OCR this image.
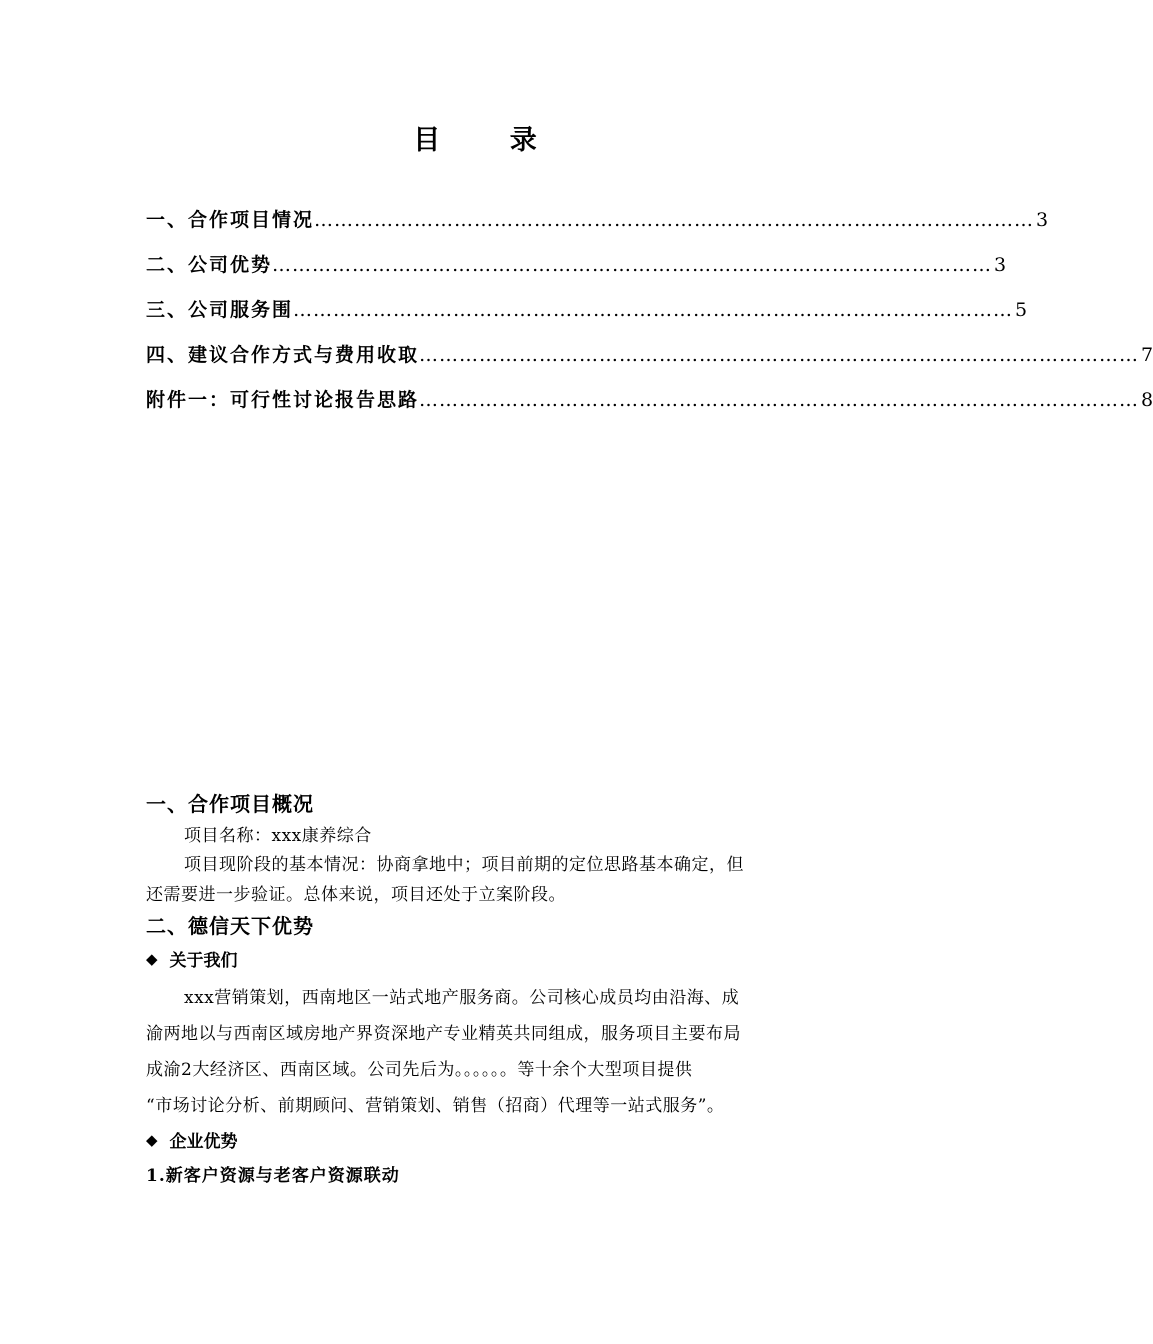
目 录
一、合作项目情况 ……………………………………………………………………………………………… 3
二、公司优势 ……………………………………………………………………………………………… 3
三、公司服务围 ……………………………………………………………………………………………… 5
四、建议合作方式与费用收取 ……………………………………………………………………………………………… 7
附件一：可行性讨论报告思路 ……………………………………………………………………………………………… 8
一、合作项目概况
项目名称：xxx康养综合
项目现阶段的基本情况：协商拿地中；项目前期的定位思路基本确定，但
还需要进一步验证。总体来说，项目还处于立案阶段。
二、德信天下优势
◆ 关于我们
xxx营销策划，西南地区一站式地产服务商。公司核心成员均由沿海、成
渝两地以与西南区域房地产界资深地产专业精英共同组成，服务项目主要布局
成渝2大经济区、西南区域。公司先后为。。。。。。等十余个大型项目提供
“市场讨论分析、前期顾问、营销策划、销售（招商）代理等一站式服务”。
◆ 企业优势
1.新客户资源与老客户资源联动
